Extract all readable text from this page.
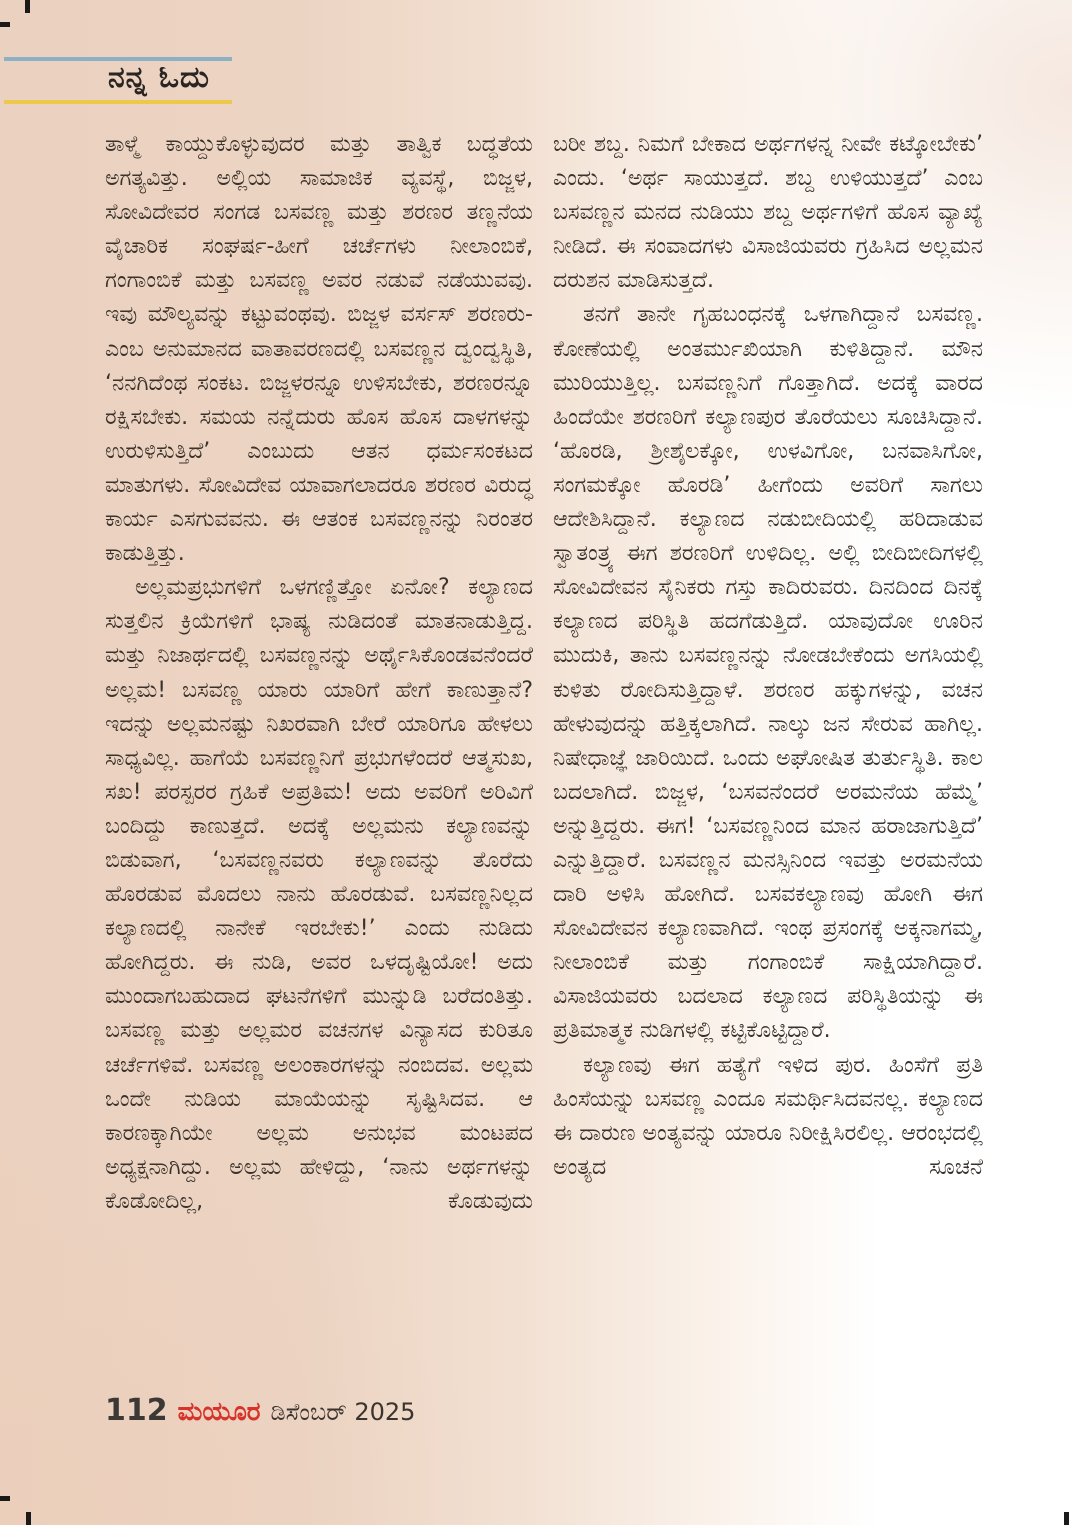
ನನ್ನ ಓದು

ತಾಳ್ಮೆ ಕಾಯ್ದುಕೊಳ್ಳುವುದರ ಮತ್ತು ತಾತ್ವಿಕ ಬದ್ಧತೆಯ ಅಗತ್ಯವಿತ್ತು. ಅಲ್ಲಿಯ ಸಾಮಾಜಿಕ ವ್ಯವಸ್ಥೆ, ಬಿಜ್ಜಳ, ಸೋವಿದೇವರ ಸಂಗಡ ಬಸವಣ್ಣ ಮತ್ತು ಶರಣರ ತಣ್ಣನೆಯ ವೈಚಾರಿಕ ಸಂಘರ್ಷ-ಹೀಗೆ ಚರ್ಚೆಗಳು ನೀಲಾಂಬಿಕೆ, ಗಂಗಾಂಬಿಕೆ ಮತ್ತು ಬಸವಣ್ಣ ಅವರ ನಡುವೆ ನಡೆಯುವವು. ಇವು ಮೌಲ್ಯವನ್ನು ಕಟ್ಟುವಂಥವು. ಬಿಜ್ಜಳ ವರ್ಸಸ್ ಶರಣರು- ಎಂಬ ಅನುಮಾನದ ವಾತಾವರಣದಲ್ಲಿ ಬಸವಣ್ಣನ ದ್ವಂದ್ವಸ್ಥಿತಿ, ‘ನನಗಿದೆಂಥ ಸಂಕಟ. ಬಿಜ್ಜಳರನ್ನೂ ಉಳಿಸಬೇಕು, ಶರಣರನ್ನೂ ರಕ್ಷಿಸಬೇಕು. ಸಮಯ ನನ್ನೆದುರು ಹೊಸ ಹೊಸ ದಾಳಗಳನ್ನು ಉರುಳಿಸುತ್ತಿದೆ’ ಎಂಬುದು ಆತನ ಧರ್ಮಸಂಕಟದ ಮಾತುಗಳು. ಸೋವಿದೇವ ಯಾವಾಗಲಾದರೂ ಶರಣರ ವಿರುದ್ಧ ಕಾರ್ಯ ಎಸಗುವವನು. ಈ ಆತಂಕ ಬಸವಣ್ಣನನ್ನು ನಿರಂತರ ಕಾಡುತ್ತಿತ್ತು.

ಅಲ್ಲಮಪ್ರಭುಗಳಿಗೆ ಒಳಗಣ್ಣಿತ್ತೋ ಏನೋ? ಕಲ್ಯಾಣದ ಸುತ್ತಲಿನ ಕ್ರಿಯೆಗಳಿಗೆ ಭಾಷ್ಯ ನುಡಿದಂತೆ ಮಾತನಾಡುತ್ತಿದ್ದ. ಮತ್ತು ನಿಜಾರ್ಥದಲ್ಲಿ ಬಸವಣ್ಣನನ್ನು ಅರ್ಥೈಸಿಕೊಂಡವನೆಂದರೆ ಅಲ್ಲಮ! ಬಸವಣ್ಣ ಯಾರು ಯಾರಿಗೆ ಹೇಗೆ ಕಾಣುತ್ತಾನೆ? ಇದನ್ನು ಅಲ್ಲಮನಷ್ಟು ನಿಖರವಾಗಿ ಬೇರೆ ಯಾರಿಗೂ ಹೇಳಲು ಸಾಧ್ಯವಿಲ್ಲ. ಹಾಗೆಯೆ ಬಸವಣ್ಣನಿಗೆ ಪ್ರಭುಗಳೆಂದರೆ ಆತ್ಮಸುಖ, ಸಖ! ಪರಸ್ಪರರ ಗ್ರಹಿಕೆ ಅಪ್ರತಿಮ! ಅದು ಅವರಿಗೆ ಅರಿವಿಗೆ ಬಂದಿದ್ದು ಕಾಣುತ್ತದೆ. ಅದಕ್ಕೆ ಅಲ್ಲಮನು ಕಲ್ಯಾಣವನ್ನು ಬಿಡುವಾಗ, ‘ಬಸವಣ್ಣನವರು ಕಲ್ಯಾಣವನ್ನು ತೊರೆದು ಹೊರಡುವ ಮೊದಲು ನಾನು ಹೊರಡುವೆ. ಬಸವಣ್ಣನಿಲ್ಲದ ಕಲ್ಯಾಣದಲ್ಲಿ ನಾನೇಕೆ ಇರಬೇಕು!’ ಎಂದು ನುಡಿದು ಹೋಗಿದ್ದರು. ಈ ನುಡಿ, ಅವರ ಒಳದೃಷ್ಟಿಯೋ! ಅದು ಮುಂದಾಗಬಹುದಾದ ಘಟನೆಗಳಿಗೆ ಮುನ್ನುಡಿ ಬರೆದಂತಿತ್ತು. ಬಸವಣ್ಣ ಮತ್ತು ಅಲ್ಲಮರ ವಚನಗಳ ವಿನ್ಯಾಸದ ಕುರಿತೂ ಚರ್ಚೆಗಳಿವೆ. ಬಸವಣ್ಣ ಅಲಂಕಾರಗಳನ್ನು ನಂಬಿದವ. ಅಲ್ಲಮ ಒಂದೇ ನುಡಿಯ ಮಾಯೆಯನ್ನು ಸೃಷ್ಟಿಸಿದವ. ಆ ಕಾರಣಕ್ಕಾಗಿಯೇ ಅಲ್ಲಮ ಅನುಭವ ಮಂಟಪದ ಅಧ್ಯಕ್ಷನಾಗಿದ್ದು. ಅಲ್ಲಮ ಹೇಳಿದ್ದು, ‘ನಾನು ಅರ್ಥಗಳನ್ನು ಕೊಡೋದಿಲ್ಲ, ಕೊಡುವುದು

ಬರೀ ಶಬ್ದ. ನಿಮಗೆ ಬೇಕಾದ ಅರ್ಥಗಳನ್ನ ನೀವೇ ಕಟ್ಕೋಬೇಕು’ ಎಂದು. ‘ಅರ್ಥ ಸಾಯುತ್ತದೆ. ಶಬ್ದ ಉಳಿಯುತ್ತದೆ’ ಎಂಬ ಬಸವಣ್ಣನ ಮನದ ನುಡಿಯು ಶಬ್ದ ಅರ್ಥಗಳಿಗೆ ಹೊಸ ವ್ಯಾಖ್ಯೆ ನೀಡಿದೆ. ಈ ಸಂವಾದಗಳು ವಿಸಾಜಿಯವರು ಗ್ರಹಿಸಿದ ಅಲ್ಲಮನ ದರುಶನ ಮಾಡಿಸುತ್ತದೆ.

ತನಗೆ ತಾನೇ ಗೃಹಬಂಧನಕ್ಕೆ ಒಳಗಾಗಿದ್ದಾನೆ ಬಸವಣ್ಣ. ಕೋಣೆಯಲ್ಲಿ ಅಂತರ್ಮುಖಿಯಾಗಿ ಕುಳಿತಿದ್ದಾನೆ. ಮೌನ ಮುರಿಯುತ್ತಿಲ್ಲ. ಬಸವಣ್ಣನಿಗೆ ಗೊತ್ತಾಗಿದೆ. ಅದಕ್ಕೆ ವಾರದ ಹಿಂದೆಯೇ ಶರಣರಿಗೆ ಕಲ್ಯಾಣಪುರ ತೊರೆಯಲು ಸೂಚಿಸಿದ್ದಾನೆ. ‘ಹೊರಡಿ, ಶ್ರೀಶೈಲಕ್ಕೋ, ಉಳವಿಗೋ, ಬನವಾಸಿಗೋ, ಸಂಗಮಕ್ಕೋ ಹೊರಡಿ’ ಹೀಗೆಂದು ಅವರಿಗೆ ಸಾಗಲು ಆದೇಶಿಸಿದ್ದಾನೆ. ಕಲ್ಯಾಣದ ನಡುಬೀದಿಯಲ್ಲಿ ಹರಿದಾಡುವ ಸ್ವಾತಂತ್ರ್ಯ ಈಗ ಶರಣರಿಗೆ ಉಳಿದಿಲ್ಲ. ಅಲ್ಲಿ ಬೀದಿಬೀದಿಗಳಲ್ಲಿ ಸೋವಿದೇವನ ಸೈನಿಕರು ಗಸ್ತು ಕಾದಿರುವರು. ದಿನದಿಂದ ದಿನಕ್ಕೆ ಕಲ್ಯಾಣದ ಪರಿಸ್ಥಿತಿ ಹದಗೆಡುತ್ತಿದೆ. ಯಾವುದೋ ಊರಿನ ಮುದುಕಿ, ತಾನು ಬಸವಣ್ಣನನ್ನು ನೋಡಬೇಕೆಂದು ಅಗಸಿಯಲ್ಲಿ ಕುಳಿತು ರೋದಿಸುತ್ತಿದ್ದಾಳೆ. ಶರಣರ ಹಕ್ಕುಗಳನ್ನು, ವಚನ ಹೇಳುವುದನ್ನು ಹತ್ತಿಕ್ಕಲಾಗಿದೆ. ನಾಲ್ಕು ಜನ ಸೇರುವ ಹಾಗಿಲ್ಲ. ನಿಷೇಧಾಜ್ಞೆ ಜಾರಿಯಿದೆ. ಒಂದು ಅಘೋಷಿತ ತುರ್ತುಸ್ಥಿತಿ. ಕಾಲ ಬದಲಾಗಿದೆ. ಬಿಜ್ಜಳ, ‘ಬಸವನೆಂದರೆ ಅರಮನೆಯ ಹೆಮ್ಮೆ’ ಅನ್ನುತ್ತಿದ್ದರು. ಈಗ! ‘ಬಸವಣ್ಣನಿಂದ ಮಾನ ಹರಾಜಾಗುತ್ತಿದೆ’ ಎನ್ನುತ್ತಿದ್ದಾರೆ. ಬಸವಣ್ಣನ ಮನಸ್ಸಿನಿಂದ ಇವತ್ತು ಅರಮನೆಯ ದಾರಿ ಅಳಿಸಿ ಹೋಗಿದೆ. ಬಸವಕಲ್ಯಾಣವು ಹೋಗಿ ಈಗ ಸೋವಿದೇವನ ಕಲ್ಯಾಣವಾಗಿದೆ. ಇಂಥ ಪ್ರಸಂಗಕ್ಕೆ ಅಕ್ಕನಾಗಮ್ಮ, ನೀಲಾಂಬಿಕೆ ಮತ್ತು ಗಂಗಾಂಬಿಕೆ ಸಾಕ್ಷಿಯಾಗಿದ್ದಾರೆ. ವಿಸಾಜಿಯವರು ಬದಲಾದ ಕಲ್ಯಾಣದ ಪರಿಸ್ಥಿತಿಯನ್ನು ಈ ಪ್ರತಿಮಾತ್ಮಕ ನುಡಿಗಳಲ್ಲಿ ಕಟ್ಟಿಕೊಟ್ಟಿದ್ದಾರೆ.

ಕಲ್ಯಾಣವು ಈಗ ಹತ್ಯೆಗೆ ಇಳಿದ ಪುರ. ಹಿಂಸೆಗೆ ಪ್ರತಿ ಹಿಂಸೆಯನ್ನು ಬಸವಣ್ಣ ಎಂದೂ ಸಮರ್ಥಿಸಿದವನಲ್ಲ. ಕಲ್ಯಾಣದ ಈ ದಾರುಣ ಅಂತ್ಯವನ್ನು ಯಾರೂ ನಿರೀಕ್ಷಿಸಿರಲಿಲ್ಲ. ಆರಂಭದಲ್ಲಿ ಅಂತ್ಯದ ಸೂಚನೆ

112 ಮಯೂರ ಡಿಸೆಂಬರ್ 2025
